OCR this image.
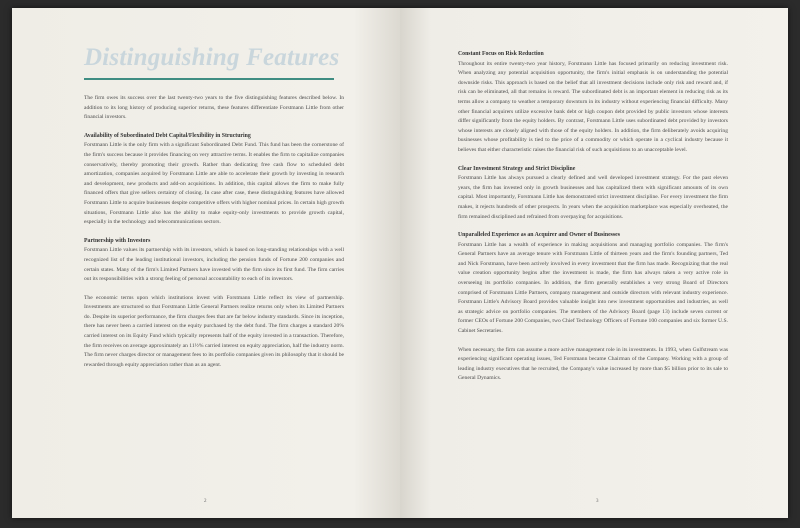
Distinguishing Features

The firm owes its success over the last twenty-two years to the five distinguishing features described below. In addition to its long history of producing superior returns, these features differentiate Forstmann Little from other financial investors.

Availability of Subordinated Debt Capital/Flexibility in Structuring

Forstmann Little is the only firm with a significant Subordinated Debt Fund. This fund has been the cornerstone of the firm's success because it provides financing on very attractive terms. It enables the firm to capitalize companies conservatively, thereby promoting their growth. Rather than dedicating free cash flow to scheduled debt amortization, companies acquired by Forstmann Little are able to accelerate their growth by investing in research and development, new products and add-on acquisitions. In addition, this capital allows the firm to make fully financed offers that give sellers certainty of closing. In case after case, these distinguishing features have allowed Forstmann Little to acquire businesses despite competitive offers with higher nominal prices. In certain high growth situations, Forstmann Little also has the ability to make equity-only investments to provide growth capital, especially in the technology and telecommunications sectors.

Partnership with Investors

Forstmann Little values its partnership with its investors, which is based on long-standing relationships with a well recognized list of the leading institutional investors, including the pension funds of Fortune 200 companies and certain states. Many of the firm's Limited Partners have invested with the firm since its first fund. The firm carries out its responsibilities with a strong feeling of personal accountability to each of its investors.

The economic terms upon which institutions invest with Forstmann Little reflect its view of partnership. Investments are structured so that Forstmann Little General Partners realize returns only when its Limited Partners do. Despite its superior performance, the firm charges fees that are far below industry standards. Since its inception, there has never been a carried interest on the equity purchased by the debt fund. The firm charges a standard 20% carried interest on its Equity Fund which typically represents half of the equity invested in a transaction. Therefore, the firm receives on average approximately an 11½% carried interest on equity appreciation, half the industry norm. The firm never charges director or management fees to its portfolio companies given its philosophy that it should be rewarded through equity appreciation rather than as an agent.

2
Constant Focus on Risk Reduction

Throughout its entire twenty-two year history, Forstmann Little has focused primarily on reducing investment risk. When analyzing any potential acquisition opportunity, the firm's initial emphasis is on understanding the potential downside risks. This approach is based on the belief that all investment decisions include only risk and reward and, if risk can be eliminated, all that remains is reward. The subordinated debt is an important element in reducing risk as its terms allow a company to weather a temporary downturn in its industry without experiencing financial difficulty. Many other financial acquirers utilize excessive bank debt or high coupon debt provided by public investors whose interests differ significantly from the equity holders. By contrast, Forstmann Little uses subordinated debt provided by investors whose interests are closely aligned with those of the equity holders. In addition, the firm deliberately avoids acquiring businesses whose profitability is tied to the price of a commodity or which operate in a cyclical industry because it believes that either characteristic raises the financial risk of such acquisitions to an unacceptable level.

Clear Investment Strategy and Strict Discipline

Forstmann Little has always pursued a clearly defined and well developed investment strategy. For the past eleven years, the firm has invested only in growth businesses and has capitalized them with significant amounts of its own capital. Most importantly, Forstmann Little has demonstrated strict investment discipline. For every investment the firm makes, it rejects hundreds of other prospects. In years when the acquisition marketplace was especially overheated, the firm remained disciplined and refrained from overpaying for acquisitions.

Unparalleled Experience as an Acquirer and Owner of Businesses

Forstmann Little has a wealth of experience in making acquisitions and managing portfolio companies. The firm's General Partners have an average tenure with Forstmann Little of thirteen years and the firm's founding partners, Ted and Nick Forstmann, have been actively involved in every investment that the firm has made. Recognizing that the real value creation opportunity begins after the investment is made, the firm has always taken a very active role in overseeing its portfolio companies. In addition, the firm generally establishes a very strong Board of Directors comprised of Forstmann Little Partners, company management and outside directors with relevant industry experience. Forstmann Little's Advisory Board provides valuable insight into new investment opportunities and industries, as well as strategic advice on portfolio companies. The members of the Advisory Board (page 13) include seven current or former CEOs of Fortune 200 Companies, two Chief Technology Officers of Fortune 100 companies and six former U.S. Cabinet Secretaries.

When necessary, the firm can assume a more active management role in its investments. In 1993, when Gulfstream was experiencing significant operating issues, Ted Forstmann became Chairman of the Company. Working with a group of leading industry executives that he recruited, the Company's value increased by more than $5 billion prior to its sale to General Dynamics.

3
